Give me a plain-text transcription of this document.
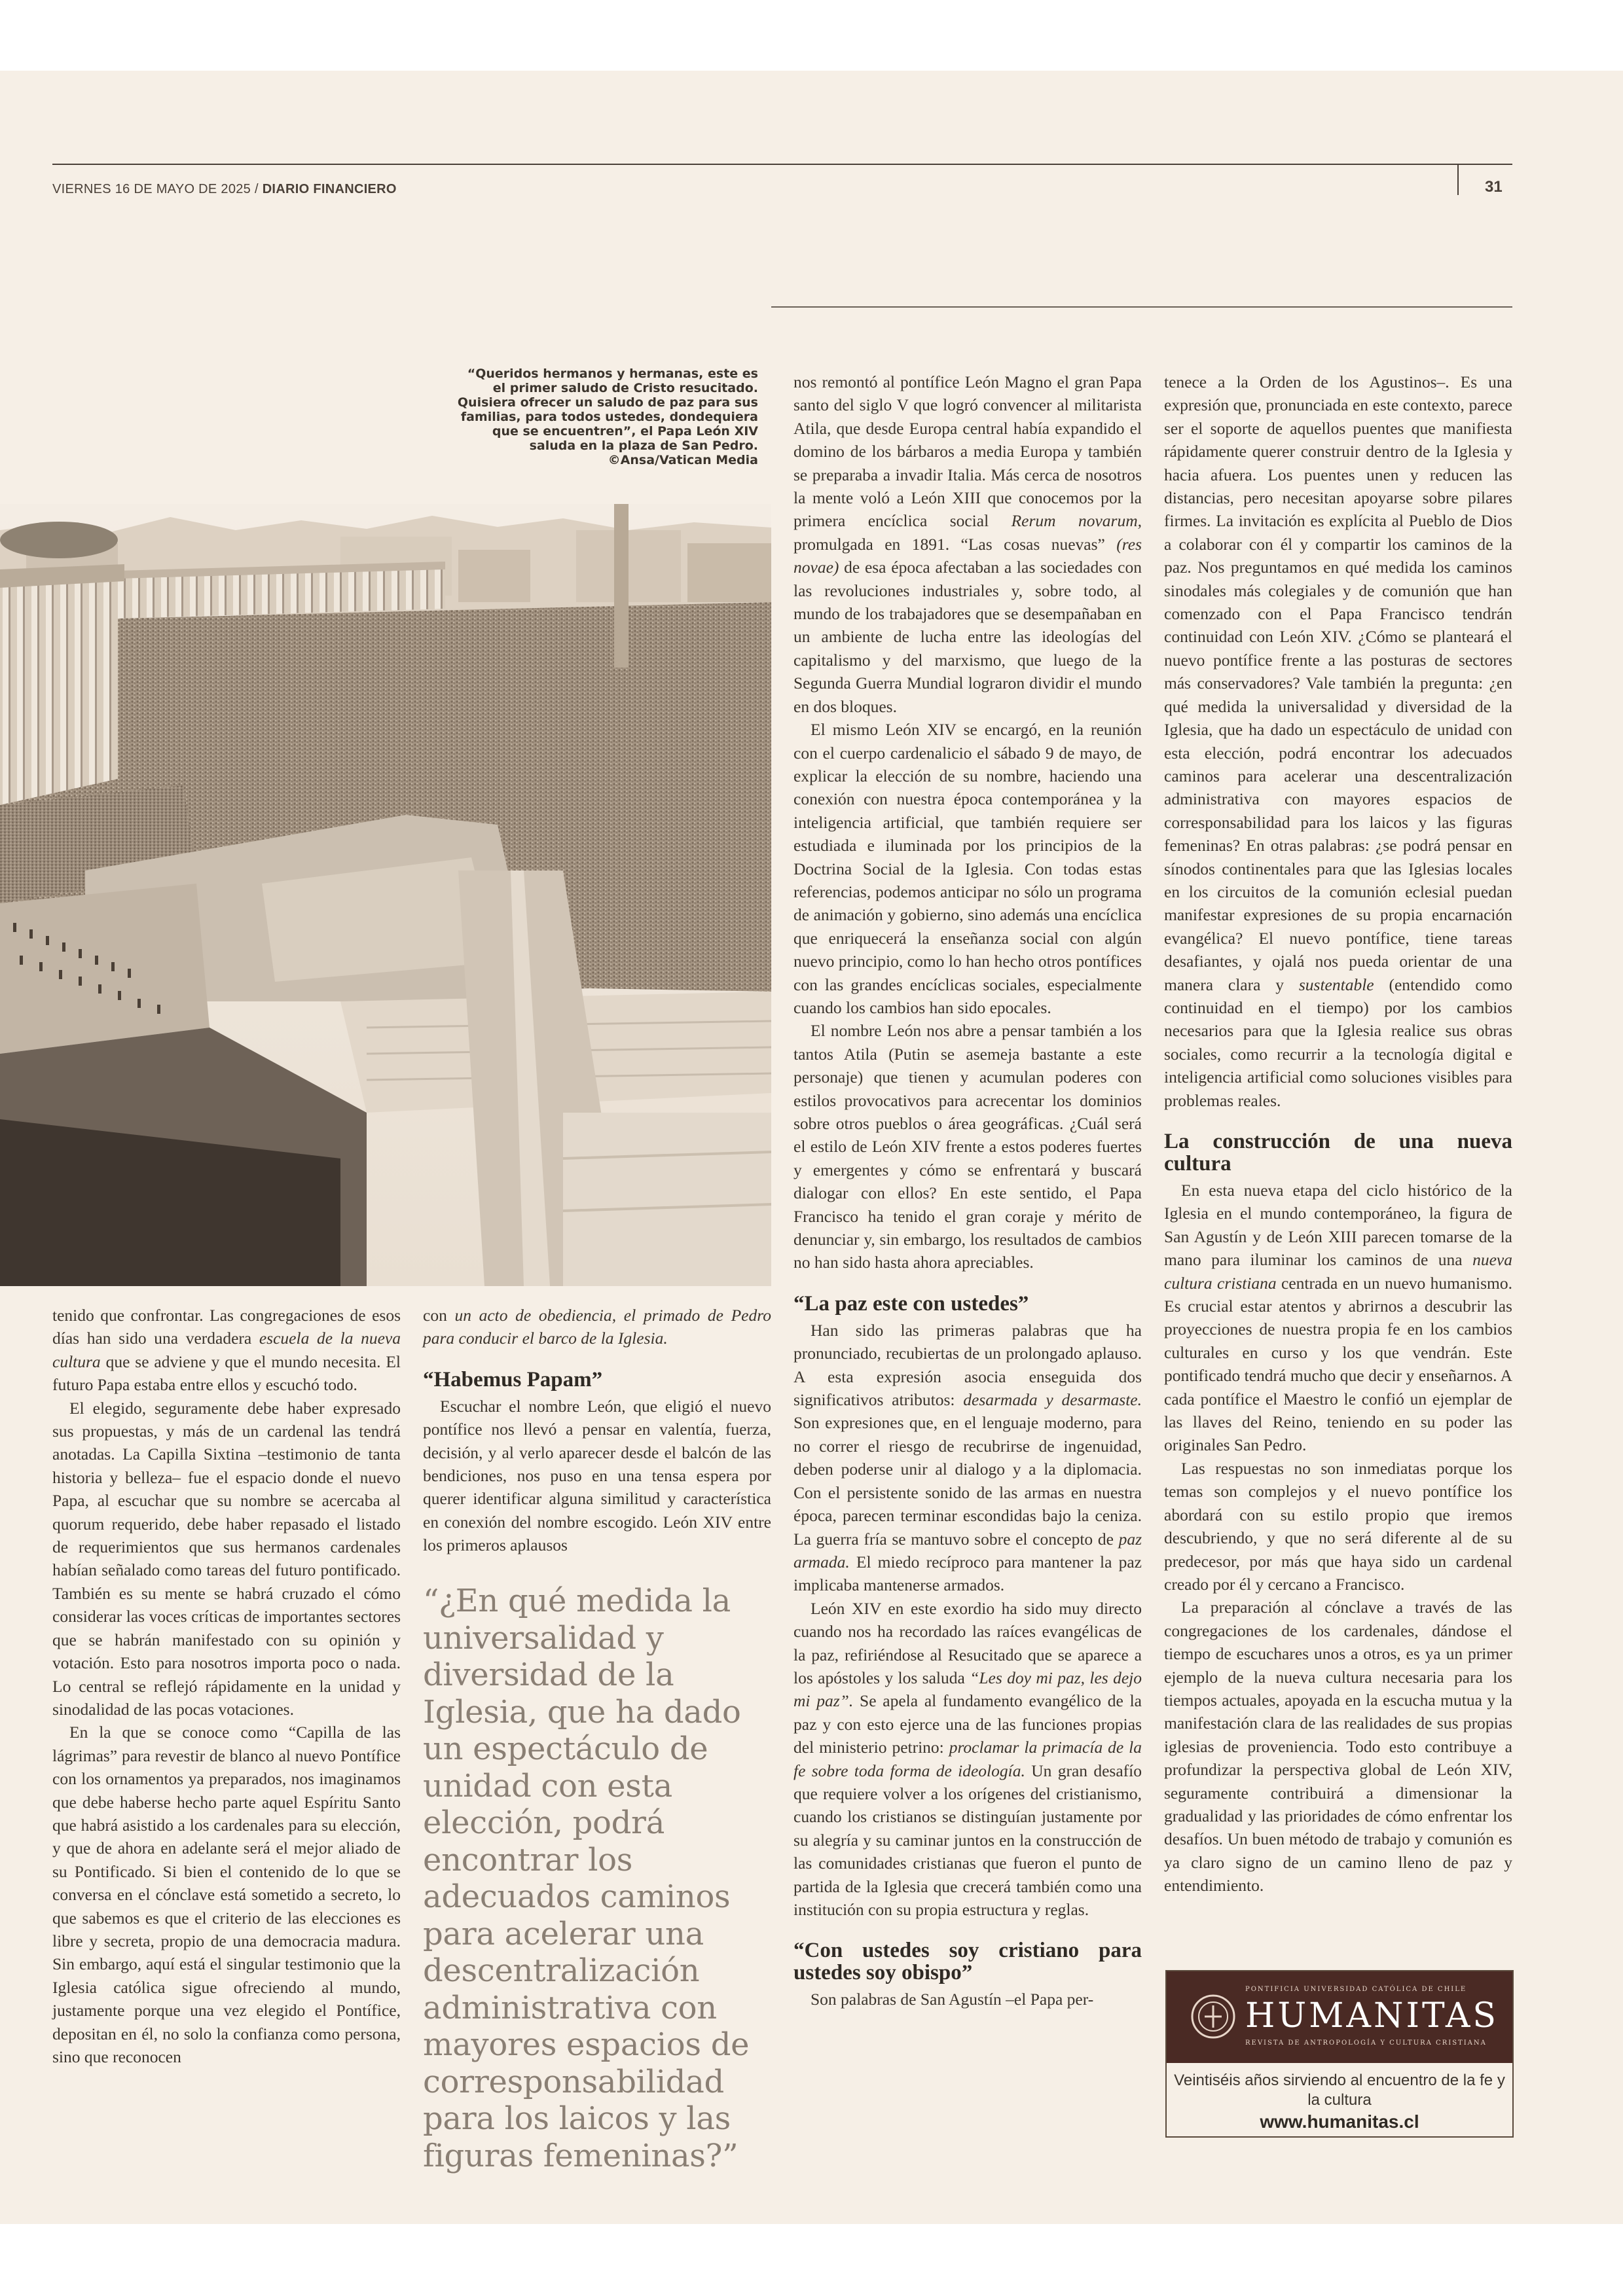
VIERNES 16 DE MAYO DE 2025 / DIARIO FINANCIERO	31
“Queridos hermanos y hermanas, este es el primer saludo de Cristo resucitado. Quisiera ofrecer un saludo de paz para sus familias, para todos ustedes, dondequiera que se encuentren”, el Papa León XIV saluda en la plaza de San Pedro. ©Ansa/Vatican Media

tenido que confrontar. Las congregaciones de esos días han sido una verdadera escuela de la nueva cultura que se adviene y que el mundo necesita. El futuro Papa estaba entre ellos y escuchó todo.

El elegido, seguramente debe haber expresado sus propuestas, y más de un cardenal las tendrá anotadas. La Capilla Sixtina –testimonio de tanta historia y belleza– fue el espacio donde el nuevo Papa, al escuchar que su nombre se acercaba al quorum requerido, debe haber repasado el listado de requerimientos que sus hermanos cardenales habían señalado como tareas del futuro pontificado. También es su mente se habrá cruzado el cómo considerar las voces críticas de importantes sectores que se habrán manifestado con su opinión y votación. Esto para nosotros importa poco o nada. Lo central se reflejó rápidamente en la unidad y sinodalidad de las pocas votaciones.

En la que se conoce como “Capilla de las lágrimas” para revestir de blanco al nuevo Pontífice con los ornamentos ya preparados, nos imaginamos que debe haberse hecho parte aquel Espíritu Santo que habrá asistido a los cardenales para su elección, y que de ahora en adelante será el mejor aliado de su Pontificado. Si bien el contenido de lo que se conversa en el cónclave está sometido a secreto, lo que sabemos es que el criterio de las elecciones es libre y secreta, propio de una democracia madura. Sin embargo, aquí está el singular testimonio que la Iglesia católica sigue ofreciendo al mundo, justamente porque una vez elegido el Pontífice, depositan en él, no solo la confianza como persona, sino que reconocen

con un acto de obediencia, el primado de Pedro para conducir el barco de la Iglesia.

“Habemus Papam”

Escuchar el nombre León, que eligió el nuevo pontífice nos llevó a pensar en valentía, fuerza, decisión, y al verlo aparecer desde el balcón de las bendiciones, nos puso en una tensa espera por querer identificar alguna similitud y característica en conexión del nombre escogido. León XIV entre los primeros aplausos

“¿En qué medida la universalidad y diversidad de la Iglesia, que ha dado un espectáculo de unidad con esta elección, podrá encontrar los adecuados caminos para acelerar una descentralización administrativa con mayores espacios de corresponsabilidad para los laicos y las figuras femeninas?”

nos remontó al pontífice León Magno el gran Papa santo del siglo V que logró convencer al militarista Atila, que desde Europa central había expandido el domino de los bárbaros a media Europa y también se preparaba a invadir Italia. Más cerca de nosotros la mente voló a León XIII que conocemos por la primera encíclica social Rerum novarum, promulgada en 1891. “Las cosas nuevas” (res novae) de esa época afectaban a las sociedades con las revoluciones industriales y, sobre todo, al mundo de los trabajadores que se desempañaban en un ambiente de lucha entre las ideologías del capitalismo y del marxismo, que luego de la Segunda Guerra Mundial lograron dividir el mundo en dos bloques.

El mismo León XIV se encargó, en la reunión con el cuerpo cardenalicio el sábado 9 de mayo, de explicar la elección de su nombre, haciendo una conexión con nuestra época contemporánea y la inteligencia artificial, que también requiere ser estudiada e iluminada por los principios de la Doctrina Social de la Iglesia. Con todas estas referencias, podemos anticipar no sólo un programa de animación y gobierno, sino además una encíclica que enriquecerá la enseñanza social con algún nuevo principio, como lo han hecho otros pontífices con las grandes encíclicas sociales, especialmente cuando los cambios han sido epocales.

El nombre León nos abre a pensar también a los tantos Atila (Putin se asemeja bastante a este personaje) que tienen y acumulan poderes con estilos provocativos para acrecentar los dominios sobre otros pueblos o área geográficas. ¿Cuál será el estilo de León XIV frente a estos poderes fuertes y emergentes y cómo se enfrentará y buscará dialogar con ellos? En este sentido, el Papa Francisco ha tenido el gran coraje y mérito de denunciar y, sin embargo, los resultados de cambios no han sido hasta ahora apreciables.

“La paz este con ustedes”

Han sido las primeras palabras que ha pronunciado, recubiertas de un prolongado aplauso. A esta expresión asocia enseguida dos significativos atributos: desarmada y desarmaste. Son expresiones que, en el lenguaje moderno, para no correr el riesgo de recubrirse de ingenuidad, deben poderse unir al dialogo y a la diplomacia. Con el persistente sonido de las armas en nuestra época, parecen terminar escondidas bajo la ceniza. La guerra fría se mantuvo sobre el concepto de paz armada. El miedo recíproco para mantener la paz implicaba mantenerse armados.

León XIV en este exordio ha sido muy directo cuando nos ha recordado las raíces evangélicas de la paz, refiriéndose al Resucitado que se aparece a los apóstoles y los saluda “Les doy mi paz, les dejo mi paz”. Se apela al fundamento evangélico de la paz y con esto ejerce una de las funciones propias del ministerio petrino: proclamar la primacía de la fe sobre toda forma de ideología. Un gran desafío que requiere volver a los orígenes del cristianismo, cuando los cristianos se distinguían justamente por su alegría y su caminar juntos en la construcción de las comunidades cristianas que fueron el punto de partida de la Iglesia que crecerá también como una institución con su propia estructura y reglas.

“Con ustedes soy cristiano para ustedes soy obispo”

Son palabras de San Agustín –el Papa per-

tenece a la Orden de los Agustinos–. Es una expresión que, pronunciada en este contexto, parece ser el soporte de aquellos puentes que manifiesta rápidamente querer construir dentro de la Iglesia y hacia afuera. Los puentes unen y reducen las distancias, pero necesitan apoyarse sobre pilares firmes. La invitación es explícita al Pueblo de Dios a colaborar con él y compartir los caminos de la paz. Nos preguntamos en qué medida los caminos sinodales más colegiales y de comunión que han comenzado con el Papa Francisco tendrán continuidad con León XIV. ¿Cómo se planteará el nuevo pontífice frente a las posturas de sectores más conservadores? Vale también la pregunta: ¿en qué medida la universalidad y diversidad de la Iglesia, que ha dado un espectáculo de unidad con esta elección, podrá encontrar los adecuados caminos para acelerar una descentralización administrativa con mayores espacios de corresponsabilidad para los laicos y las figuras femeninas? En otras palabras: ¿se podrá pensar en sínodos continentales para que las Iglesias locales en los circuitos de la comunión eclesial puedan manifestar expresiones de su propia encarnación evangélica? El nuevo pontífice, tiene tareas desafiantes, y ojalá nos pueda orientar de una manera clara y sustentable (entendido como continuidad en el tiempo) por los cambios necesarios para que la Iglesia realice sus obras sociales, como recurrir a la tecnología digital e inteligencia artificial como soluciones visibles para problemas reales.

La construcción de una nueva cultura

En esta nueva etapa del ciclo histórico de la Iglesia en el mundo contemporáneo, la figura de San Agustín y de León XIII parecen tomarse de la mano para iluminar los caminos de una nueva cultura cristiana centrada en un nuevo humanismo. Es crucial estar atentos y abrirnos a descubrir las proyecciones de nuestra propia fe en los cambios culturales en curso y los que vendrán. Este pontificado tendrá mucho que decir y enseñarnos. A cada pontífice el Maestro le confió un ejemplar de las llaves del Reino, teniendo en su poder las originales San Pedro.

Las respuestas no son inmediatas porque los temas son complejos y el nuevo pontífice los abordará con su estilo propio que iremos descubriendo, y que no será diferente al de su predecesor, por más que haya sido un cardenal creado por él y cercano a Francisco.

La preparación al cónclave a través de las congregaciones de los cardenales, dándose el tiempo de escuchares unos a otros, es ya un primer ejemplo de la nueva cultura necesaria para los tiempos actuales, apoyada en la escucha mutua y la manifestación clara de las realidades de sus propias iglesias de proveniencia. Todo esto contribuye a profundizar la perspectiva global de León XIV, seguramente contribuirá a dimensionar la gradualidad y las prioridades de cómo enfrentar los desafíos. Un buen método de trabajo y comunión es ya claro signo de un camino lleno de paz y entendimiento.

PONTIFICIA UNIVERSIDAD CATÓLICA DE CHILE
HUMANITAS
REVISTA DE ANTROPOLOGÍA Y CULTURA CRISTIANA
Veintiséis años sirviendo al encuentro de la fe y la cultura
www.humanitas.cl
